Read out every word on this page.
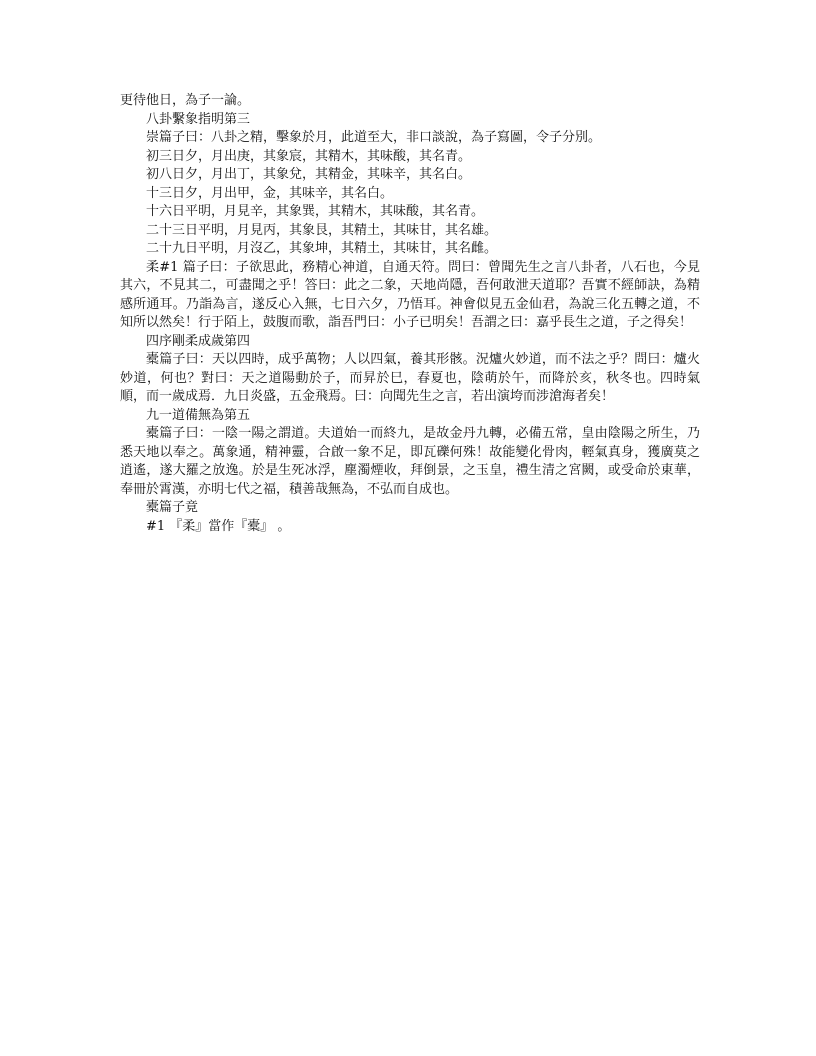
更待他日，為子一論。

八卦繫象指明第三

崇篇子曰：八卦之精，擊象於月，此道至大，非口談說，為子寫圖，令子分別。

初三日夕，月出庚，其象宸，其精木，其味酸，其名青。

初八日夕，月出丁，其象兌，其精金，其味辛，其名白。

十三日夕，月出甲，金，其味辛，其名白。

十六日平明，月見辛，其象巽，其精木，其味酸，其名青。

二十三日平明，月見丙，其象艮，其精土，其味甘，其名雄。

二十九日平明，月沒乙，其象坤，其精土，其味甘，其名雌。

柔#1 篇子曰：子欲思此，務精心神道，自通天符。問曰：曾聞先生之言八卦者，八石也，今見其六，不見其二，可盡聞之乎！答曰：此之二象，天地尚隱，吾何敢泄天道耶？吾實不經師訣，為精感所通耳。乃詣為言，遂反心入無，七日六夕，乃悟耳。神會似見五金仙君，為說三化五轉之道，不知所以然矣！行于陌上，鼓腹而歌，詣吾門曰：小子已明矣！吾謂之曰：嘉乎長生之道，子之得矣！

四序剛柔成歲第四

橐篇子曰：天以四時，成乎萬物；人以四氣，養其形骸。況爐火妙道，而不法之乎？問曰：爐火妙道，何也？對曰：天之道陽動於子，而昇於巳，春夏也，陰萌於午，而降於亥，秋冬也。四時氣順，而一歲成焉．九日炎盛，五金飛焉。曰：向聞先生之言，若出演垮而涉滄海者矣！

九一道備無為第五

橐篇子曰：一陰一陽之謂道。夫道始一而終九，是故金丹九轉，必備五常，皇由陰陽之所生，乃悉天地以奉之。萬象通，精神靈，合啟一象不足，即瓦礫何殊！故能變化骨肉，輕氣真身，獲廣莫之逍遙，遂大羅之放逸。於是生死冰浮，塵濁煙收，拜倒景，之玉皇，禮生清之宮闕，或受命於東華，奉冊於霄漢，亦明七代之福，積善哉無為，不弘而自成也。

橐篇子竟

#1 『柔』當作『橐』 。
